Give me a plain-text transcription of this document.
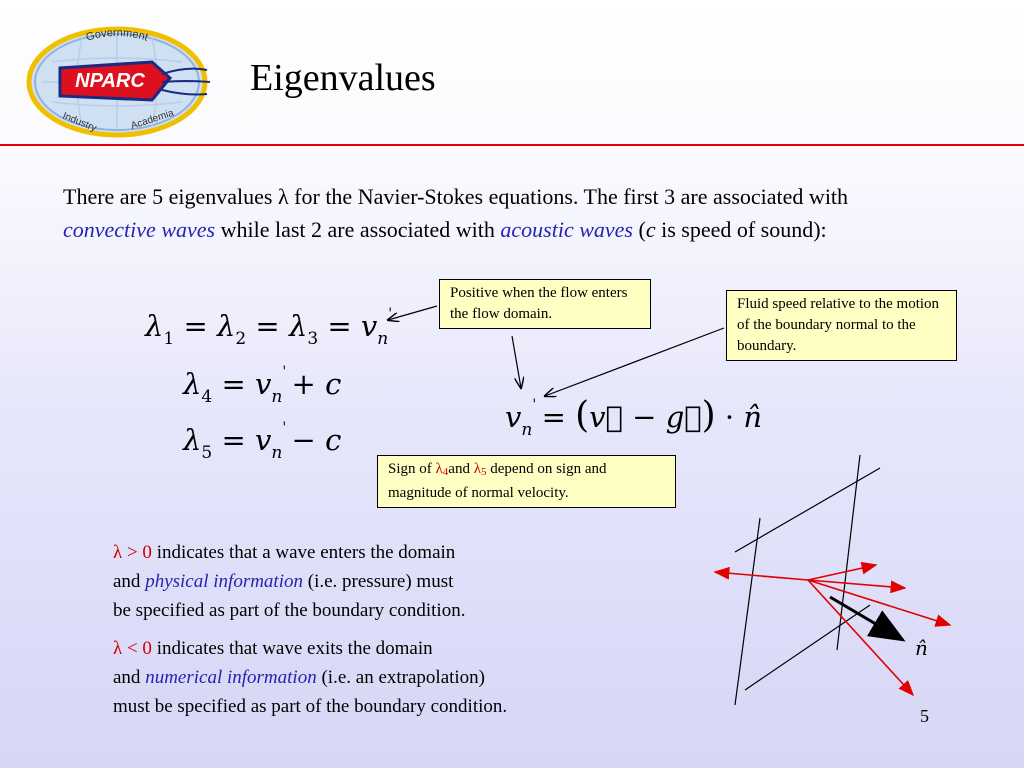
Government
NPARC
Industry	Academia
Eigenvalues

There are 5 eigenvalues λ for the Navier-Stokes equations. The first 3 are associated with convective waves while last 2 are associated with acoustic waves (c is speed of sound):

$\lambda_1 = \lambda_2 = \lambda_3 = v_n$
'
$\lambda_4 = v_n$
' + c
$\lambda_5 = v_n$
' − c
$v_n$
' = (v⃗ − g⃗) · n̂
Positive when the flow enters the flow domain.
Fluid speed relative to the motion of the boundary normal to the boundary.
Sign of $\lambda_4and$ $\lambda_5$ depend on sign and magnitude of normal velocity.

λ > 0 indicates that a wave enters the domain

and physical information (i.e. pressure) must

be specified as part of the boundary condition.

λ < 0 indicates that wave exits the domain

and numerical information (i.e. an extrapolation)

must be specified as part of the boundary condition.

n̂
5
